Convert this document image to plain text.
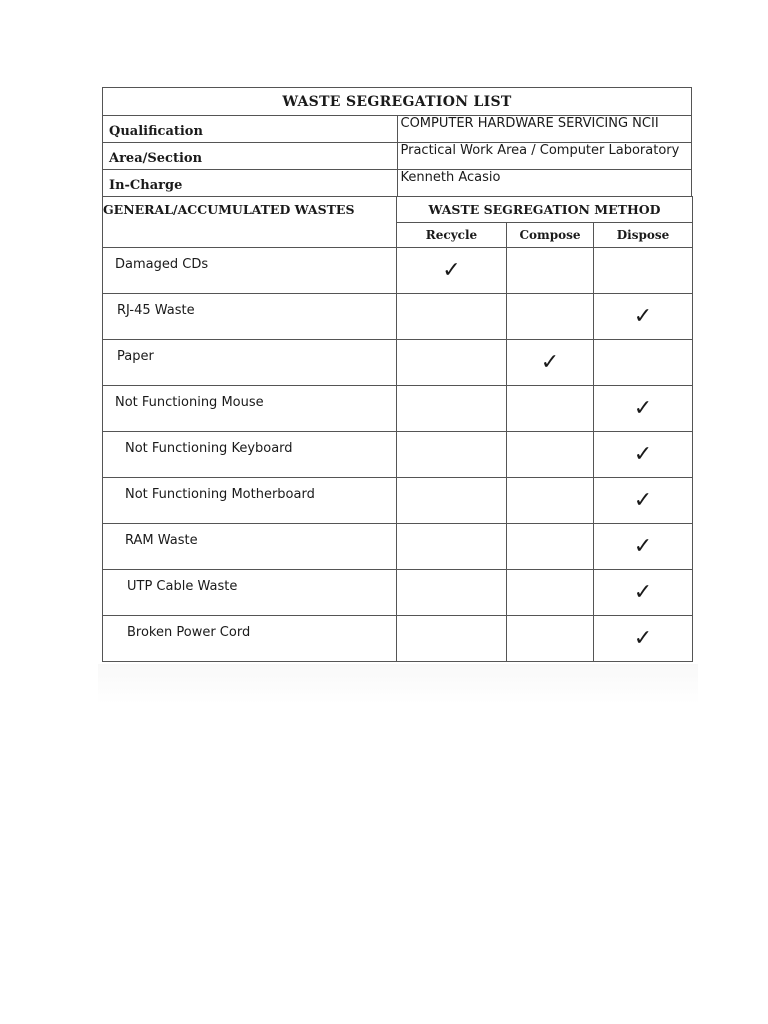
WASTE SEGREGATION LIST	
Qualification	COMPUTER HARDWARE SERVICING NCII
Area/Section	Practical Work Area / Computer Laboratory
In-Charge	Kenneth Acasio
GENERAL/ACCUMULATED WASTES	WASTE SEGREGATION METHOD		
	Recycle	Compose	Dispose
Damaged CDs	✓		
RJ-45 Waste			✓
Paper		✓	
Not Functioning Mouse			✓
Not Functioning Keyboard			✓
Not Functioning Motherboard			✓
RAM Waste			✓
UTP Cable Waste			✓
Broken Power Cord			✓
